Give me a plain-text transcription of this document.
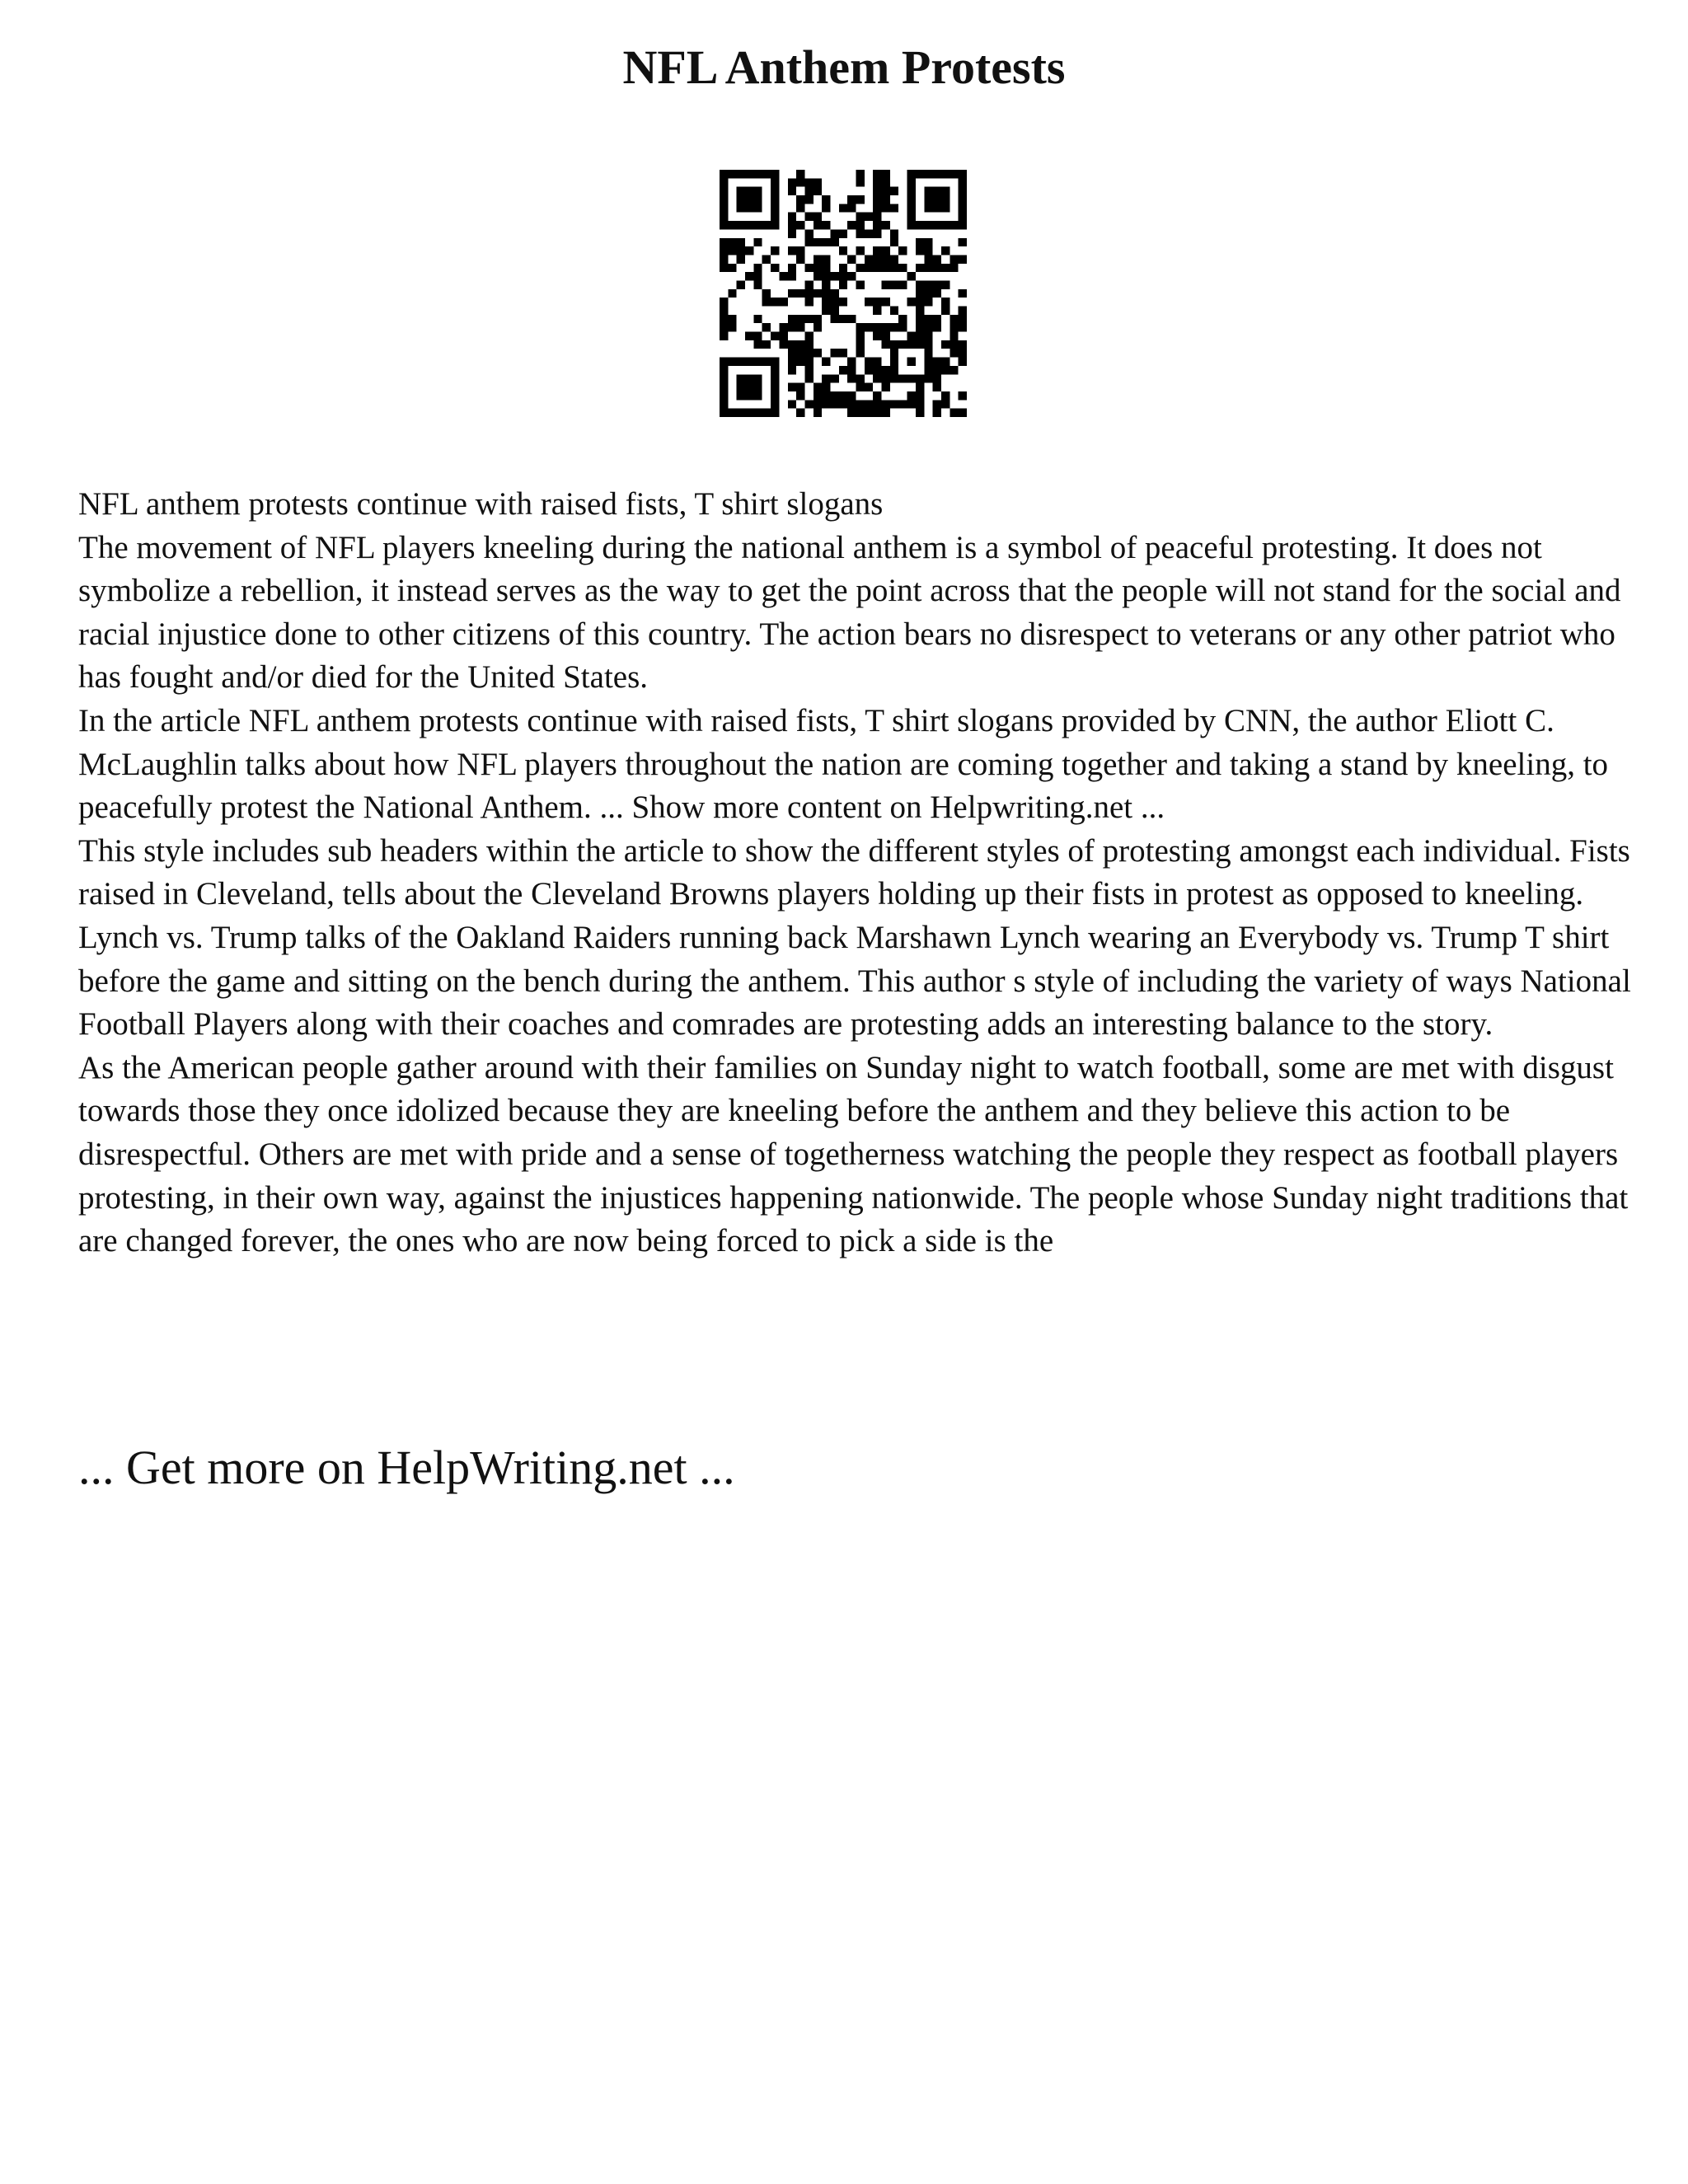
NFL Anthem Protests

NFL anthem protests continue with raised fists, T shirt slogans

The movement of NFL players kneeling during the national anthem is a symbol of peaceful protesting. It does not symbolize a rebellion, it instead serves as the way to get the point across that the people will not stand for the social and racial injustice done to other citizens of this country. The action bears no disrespect to veterans or any other patriot who has fought and/or died for the United States.

In the article NFL anthem protests continue with raised fists, T shirt slogans provided by CNN, the author Eliott C. McLaughlin talks about how NFL players throughout the nation are coming together and taking a stand by kneeling, to peacefully protest the National Anthem. ... Show more content on Helpwriting.net ...

This style includes sub headers within the article to show the different styles of protesting amongst each individual. Fists raised in Cleveland, tells about the Cleveland Browns players holding up their fists in protest as opposed to kneeling. Lynch vs. Trump talks of the Oakland Raiders running back Marshawn Lynch wearing an Everybody vs. Trump T shirt before the game and sitting on the bench during the anthem. This author s style of including the variety of ways National Football Players along with their coaches and comrades are protesting adds an interesting balance to the story.

As the American people gather around with their families on Sunday night to watch football, some are met with disgust towards those they once idolized because they are kneeling before the anthem and they believe this action to be disrespectful. Others are met with pride and a sense of togetherness watching the people they respect as football players protesting, in their own way, against the injustices happening nationwide. The people whose Sunday night traditions that are changed forever, the ones who are now being forced to pick a side is the

... Get more on HelpWriting.net ...
